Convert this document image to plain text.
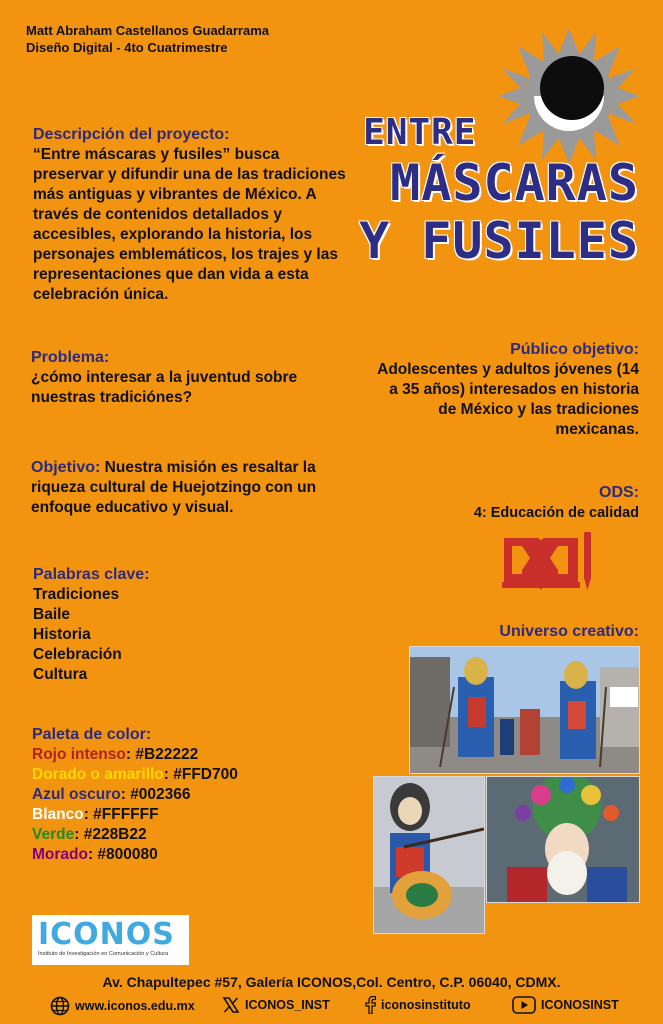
Matt Abraham Castellanos Guadarrama
Diseño Digital - 4to Cuatrimestre
ENTRE
MÁSCARAS
Y FUSILES
Descripción del proyecto:
“Entre máscaras y fusiles” busca preservar y difundir una de las tradiciones más antiguas y vibrantes de México. A través de contenidos detallados y accesibles, explorando la historia, los personajes emblemáticos, los trajes y las representaciones que dan vida a esta celebración única.
Problema:
¿cómo interesar a la juventud sobre nuestras tradiciónes?
Objetivo: Nuestra misión es resaltar la riqueza cultural de Huejotzingo con un enfoque educativo y visual.
Palabras clave:
Tradiciones
Baile
Historia
Celebración
Cultura
Paleta de color:
Rojo intenso: #B22222
Dorado o amarillo: #FFD700
Azul oscuro: #002366
Blanco: #FFFFFF
Verde: #228B22
Morado: #800080
Público objetivo:
Adolescentes y adultos jóvenes (14 a 35 años) interesados en historia de México y las tradiciones mexicanas.
ODS:
4: Educación de calidad
Universo creativo:
ICONOS
Instituto de Investigación en Comunicación y Cultura
Av. Chapultepec #57, Galería ICONOS,Col. Centro, C.P. 06040, CDMX.
www.iconos.edu.mx	ICONOS_INST	iconosinstituto	ICONOSINST
